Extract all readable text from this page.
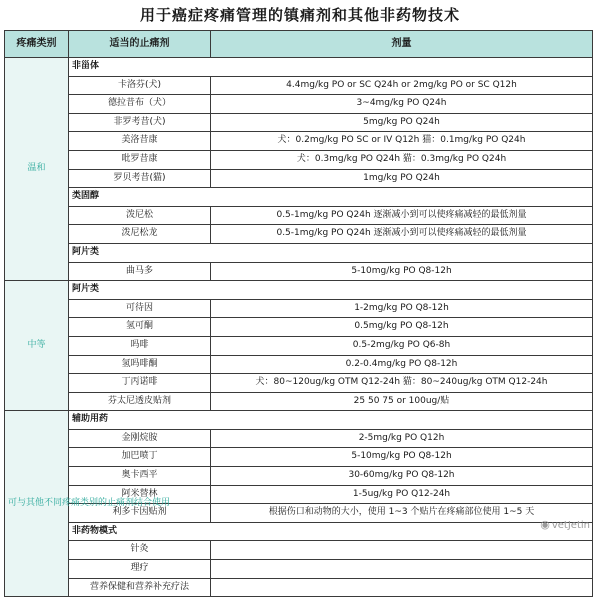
用于癌症疼痛管理的镇痛剂和其他非药物技术
疼痛类别	适当的止痛剂	剂量
温和	非甾体	
	卡洛芬(犬)	4.4mg/kg PO or SC Q24h or 2mg/kg PO or SC Q12h
	德拉昔布（犬）	3~4mg/kg PO Q24h
	非罗考昔(犬)	5mg/kg PO Q24h
	美洛昔康	犬：0.2mg/kg PO SC or IV Q12h 猫：0.1mg/kg PO Q24h
	吡罗昔康	犬：0.3mg/kg PO Q24h 猫：0.3mg/kg PO Q24h
	罗贝考昔(猫)	1mg/kg PO Q24h
	类固醇	
	泼尼松	0.5-1mg/kg PO Q24h 逐渐减小到可以使疼痛减轻的最低剂量
	泼尼松龙	0.5-1mg/kg PO Q24h 逐渐减小到可以使疼痛减轻的最低剂量
	阿片类	
	曲马多	5-10mg/kg PO Q8-12h
中等	阿片类	
	可待因	1-2mg/kg PO Q8-12h
	氢可酮	0.5mg/kg PO Q8-12h
	吗啡	0.5-2mg/kg PO Q6-8h
	氢吗啡酮	0.2-0.4mg/kg PO Q8-12h
	丁丙诺啡	犬：80~120ug/kg OTM Q12-24h 猫：80~240ug/kg OTM Q12-24h
	芬太尼透皮贴剂	25 50 75 or 100ug/贴
可与其他不同疼痛类别的止痛剂结合使用	辅助用药	
	金刚烷胺	2-5mg/kg PO Q12h
	加巴喷丁	5-10mg/kg PO Q8-12h
	奥卡西平	30-60mg/kg PO Q8-12h
	阿米替林	1-5ug/kg PO Q12-24h
	利多卡因贴剂	根据伤口和动物的大小，使用 1~3 个贴片在疼痛部位使用 1~5 天
	非药物模式	
	针灸	
	理疗	
	营养保健和营养补充疗法	
◉ vetJetin
